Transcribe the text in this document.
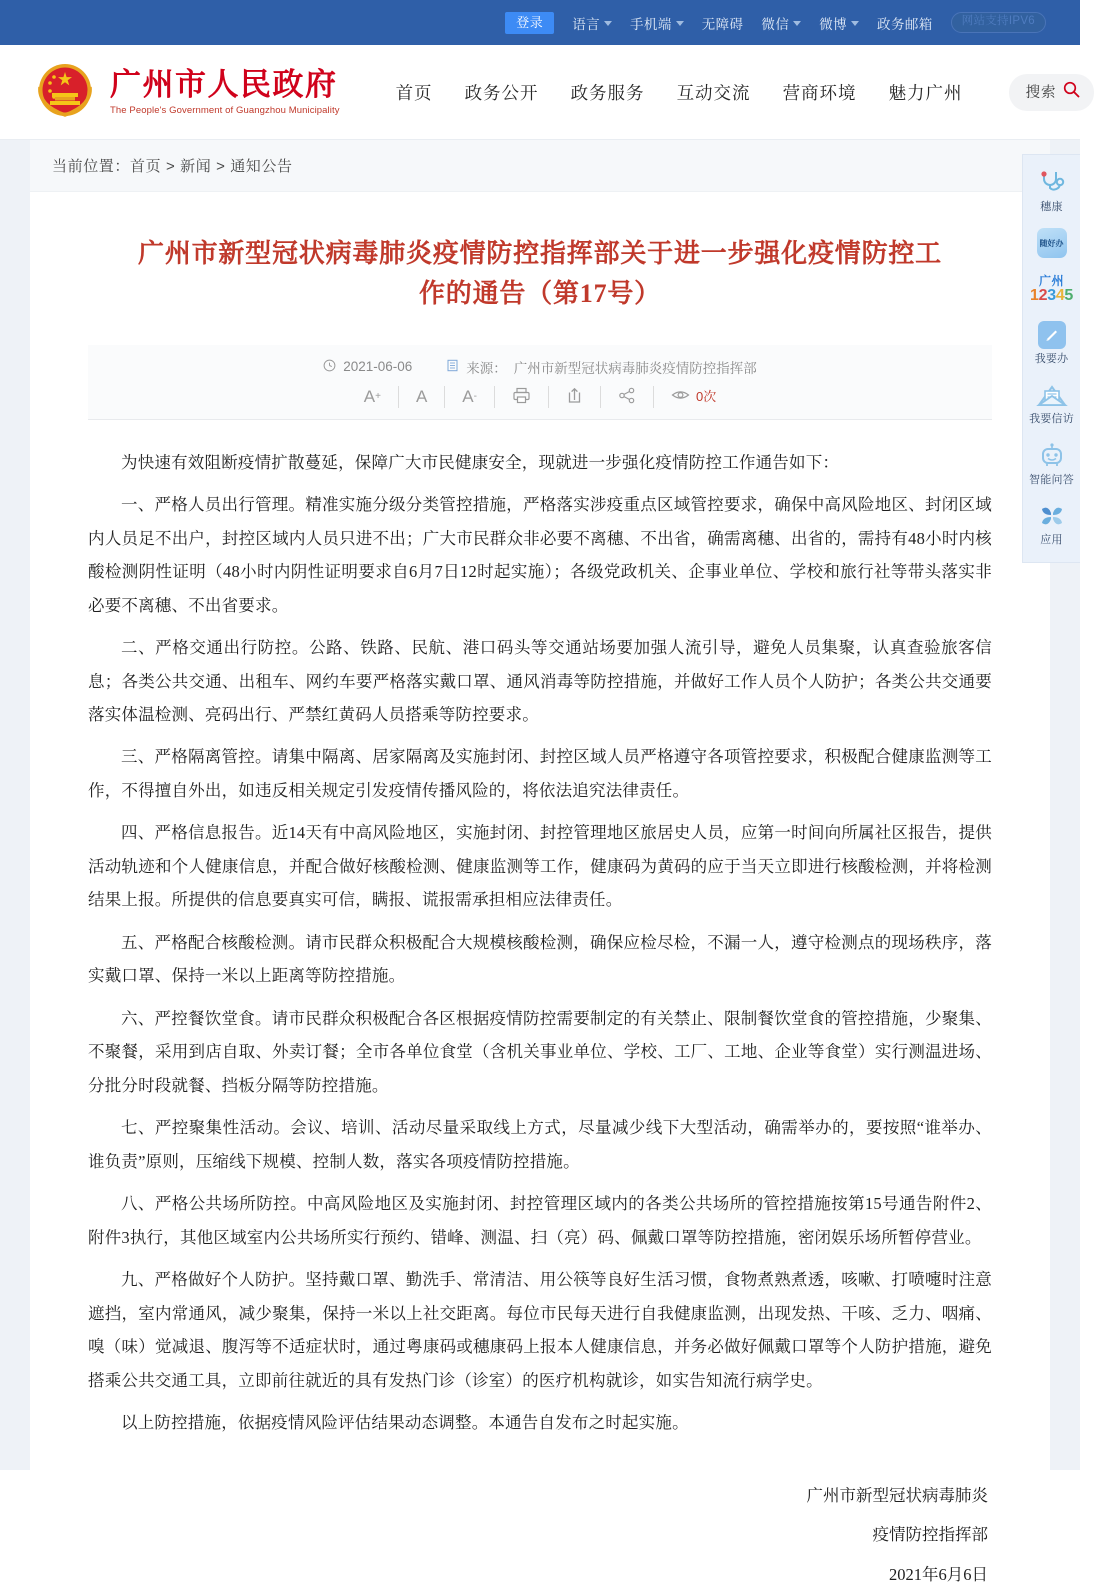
登录	语言 手机端 无障碍 微信 微博 政务邮箱	网站支持IPV6
广州市人民政府
The People's Government of Guangzhou Municipality
首页 政务公开 政务服务 互动交流 营商环境 魅力广州	搜索
当前位置：首页 > 新闻 > 通知公告
广州市新型冠状病毒肺炎疫情防控指挥部关于进一步强化疫情防控工作的通告（第17号）
2021-06-06	来源： 广州市新型冠状病毒肺炎疫情防控指挥部
A + A A -	0次

为快速有效阻断疫情扩散蔓延，保障广大市民健康安全，现就进一步强化疫情防控工作通告如下：

一、严格人员出行管理。精准实施分级分类管控措施，严格落实涉疫重点区域管控要求，确保中高风险地区、封闭区域内人员足不出户，封控区域内人员只进不出；广大市民群众非必要不离穗、不出省，确需离穗、出省的，需持有48小时内核酸检测阴性证明（48小时内阴性证明要求自6月7日12时起实施）；各级党政机关、企事业单位、学校和旅行社等带头落实非必要不离穗、不出省要求。

二、严格交通出行防控。公路、铁路、民航、港口码头等交通站场要加强人流引导，避免人员集聚，认真查验旅客信息；各类公共交通、出租车、网约车要严格落实戴口罩、通风消毒等防控措施，并做好工作人员个人防护；各类公共交通要落实体温检测、亮码出行、严禁红黄码人员搭乘等防控要求。

三、严格隔离管控。请集中隔离、居家隔离及实施封闭、封控区域人员严格遵守各项管控要求，积极配合健康监测等工作，不得擅自外出，如违反相关规定引发疫情传播风险的，将依法追究法律责任。

四、严格信息报告。近14天有中高风险地区，实施封闭、封控管理地区旅居史人员，应第一时间向所属社区报告，提供活动轨迹和个人健康信息，并配合做好核酸检测、健康监测等工作，健康码为黄码的应于当天立即进行核酸检测，并将检测结果上报。所提供的信息要真实可信，瞒报、谎报需承担相应法律责任。

五、严格配合核酸检测。请市民群众积极配合大规模核酸检测，确保应检尽检，不漏一人，遵守检测点的现场秩序，落实戴口罩、保持一米以上距离等防控措施。

六、严控餐饮堂食。请市民群众积极配合各区根据疫情防控需要制定的有关禁止、限制餐饮堂食的管控措施，少聚集、不聚餐，采用到店自取、外卖订餐；全市各单位食堂（含机关事业单位、学校、工厂、工地、企业等食堂）实行测温进场、分批分时段就餐、挡板分隔等防控措施。

七、严控聚集性活动。会议、培训、活动尽量采取线上方式，尽量减少线下大型活动，确需举办的，要按照“谁举办、谁负责”原则，压缩线下规模、控制人数，落实各项疫情防控措施。

八、严格公共场所防控。中高风险地区及实施封闭、封控管理区域内的各类公共场所的管控措施按第15号通告附件2、附件3执行，其他区域室内公共场所实行预约、错峰、测温、扫（亮）码、佩戴口罩等防控措施，密闭娱乐场所暂停营业。

九、严格做好个人防护。坚持戴口罩、勤洗手、常清洁、用公筷等良好生活习惯，食物煮熟煮透，咳嗽、打喷嚏时注意遮挡，室内常通风，减少聚集，保持一米以上社交距离。每位市民每天进行自我健康监测，出现发热、干咳、乏力、咽痛、嗅（味）觉减退、腹泻等不适症状时，通过粤康码或穗康码上报本人健康信息，并务必做好佩戴口罩等个人防护措施，避免搭乘公共交通工具，立即前往就近的具有发热门诊（诊室）的医疗机构就诊，如实告知流行病学史。

以上防控措施，依据疫情风险评估结果动态调整。本通告自发布之时起实施。

广州市新型冠状病毒肺炎
疫情防控指挥部
2021年6月6日
穗康
随好办
广州
12345
我要办
我要信访
智能问答
应用
